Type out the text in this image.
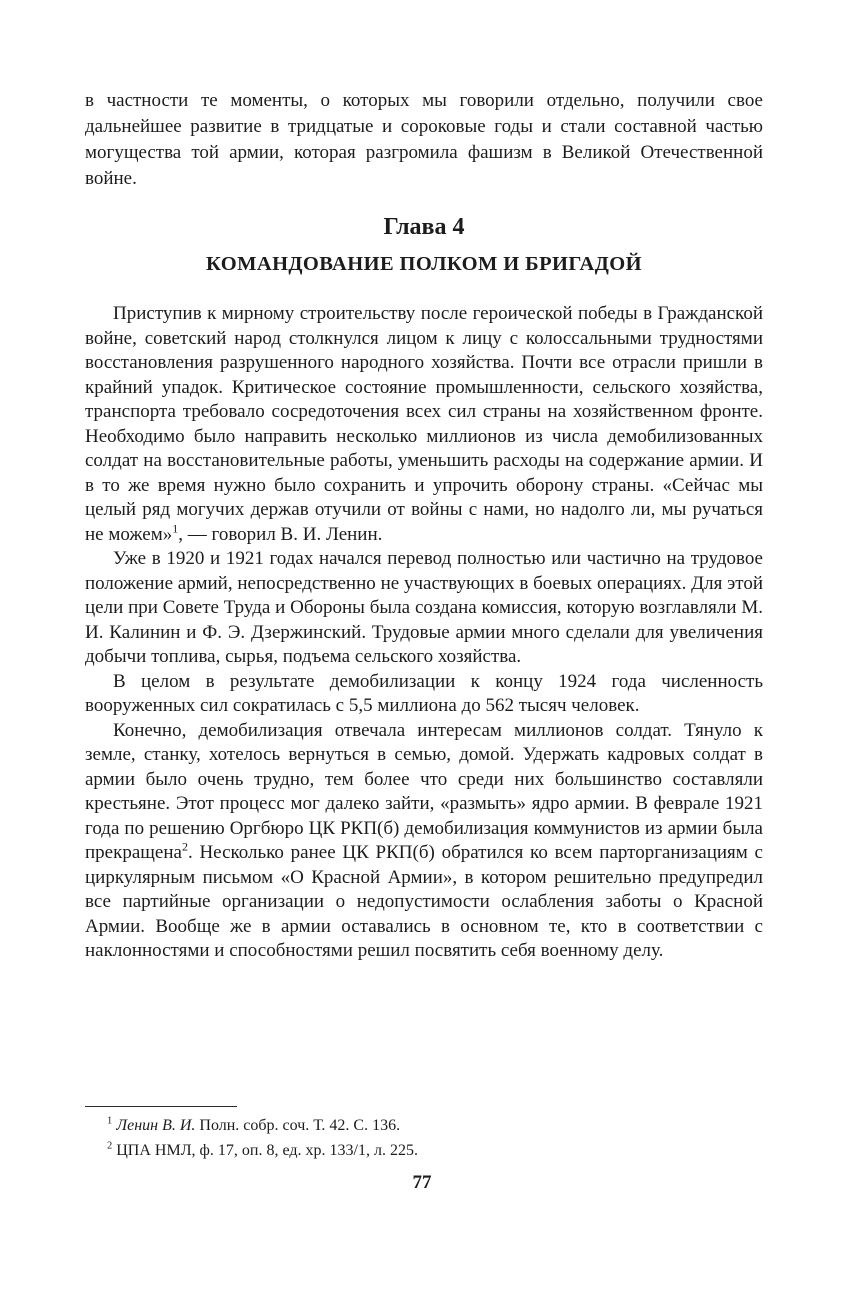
в частности те моменты, о которых мы говорили отдельно, получили свое дальнейшее развитие в тридцатые и сороковые годы и стали составной частью могущества той армии, которая разгромила фашизм в Великой Отечественной войне.

Глава 4
КОМАНДОВАНИЕ ПОЛКОМ И БРИГАДОЙ

Приступив к мирному строительству после героической победы в Гражданской войне, советский народ столкнулся лицом к лицу с колоссальными трудностями восстановления разрушенного народного хозяйства. Почти все отрасли пришли в крайний упадок. Критическое состояние промышленности, сельского хозяйства, транспорта требовало сосредоточения всех сил страны на хозяйственном фронте. Необходимо было направить несколько миллионов из числа демобилизованных солдат на восстановительные работы, уменьшить расходы на содержание армии. И в то же время нужно было сохранить и упрочить оборону страны. «Сейчас мы целый ряд могучих держав отучили от войны с нами, но надолго ли, мы ручаться не можем»$^1$, — говорил В. И. Ленин.

Уже в 1920 и 1921 годах начался перевод полностью или частично на трудовое положение армий, непосредственно не участвующих в боевых операциях. Для этой цели при Совете Труда и Обороны была создана комиссия, которую возглавляли М. И. Калинин и Ф. Э. Дзержинский. Трудовые армии много сделали для увеличения добычи топлива, сырья, подъема сельского хозяйства.

В целом в результате демобилизации к концу 1924 года численность вооруженных сил сократилась с 5,5 миллиона до 562 тысяч человек.

Конечно, демобилизация отвечала интересам миллионов солдат. Тянуло к земле, станку, хотелось вернуться в семью, домой. Удержать кадровых солдат в армии было очень трудно, тем более что среди них большинство составляли крестьяне. Этот процесс мог далеко зайти, «размыть» ядро армии. В феврале 1921 года по решению Оргбюро ЦК РКП(б) демобилизация коммунистов из армии была прекращена$^2$. Несколько ранее ЦК РКП(б) обратился ко всем парторганизациям с циркулярным письмом «О Красной Армии», в котором решительно предупредил все партийные организации о недопустимости ослабления заботы о Красной Армии. Вообще же в армии оставались в основном те, кто в соответствии с наклонностями и способностями решил посвятить себя военному делу.

$^1$ Ленин В. И. Полн. собр. соч. Т. 42. С. 136.

$^2$ ЦПА НМЛ, ф. 17, оп. 8, ед. хр. 133/1, л. 225.

77
